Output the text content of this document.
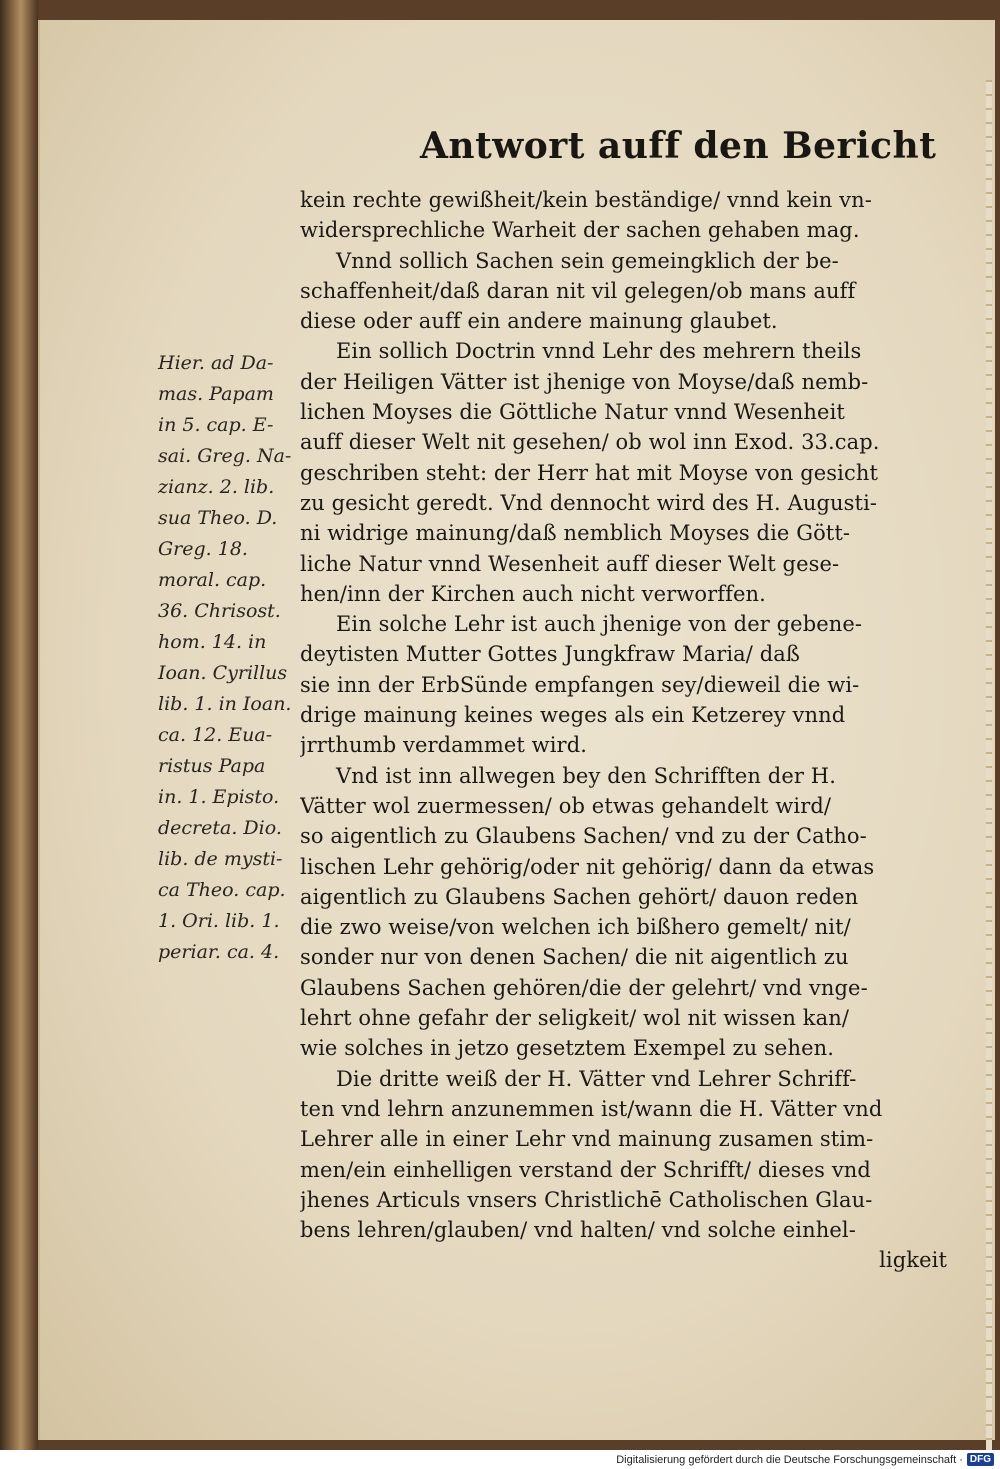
Antwort auff den Bericht
kein rechte gewißheit/kein beständige/ vnnd kein vn-
widersprechliche Warheit der sachen gehaben mag.
Vnnd sollich Sachen sein gemeingklich der be-
schaffenheit/daß daran nit vil gelegen/ob mans auff
diese oder auff ein andere mainung glaubet.
Ein sollich Doctrin vnnd Lehr des mehrern theils
der Heiligen Vätter ist jhenige von Moyse/daß nemb-
lichen Moyses die Göttliche Natur vnnd Wesenheit
auff dieser Welt nit gesehen/ ob wol inn Exod. 33.cap.
geschriben steht: der Herr hat mit Moyse von gesicht
zu gesicht geredt. Vnd dennocht wird des H. Augusti-
ni widrige mainung/daß nemblich Moyses die Gött-
liche Natur vnnd Wesenheit auff dieser Welt gese-
hen/inn der Kirchen auch nicht verworffen.
Ein solche Lehr ist auch jhenige von der gebene-
deytisten Mutter Gottes Jungkfraw Maria/ daß
sie inn der ErbSünde empfangen sey/dieweil die wi-
drige mainung keines weges als ein Ketzerey vnnd
jrrthumb verdammet wird.
Vnd ist inn allwegen bey den Schrifften der H.
Vätter wol zuermessen/ ob etwas gehandelt wird/
so aigentlich zu Glaubens Sachen/ vnd zu der Catho-
lischen Lehr gehörig/oder nit gehörig/ dann da etwas
aigentlich zu Glaubens Sachen gehört/ dauon reden
die zwo weise/von welchen ich bißhero gemelt/ nit/
sonder nur von denen Sachen/ die nit aigentlich zu
Glaubens Sachen gehören/die der gelehrt/ vnd vnge-
lehrt ohne gefahr der seligkeit/ wol nit wissen kan/
wie solches in jetzo gesetztem Exempel zu sehen.
Die dritte weiß der H. Vätter vnd Lehrer Schriff-
ten vnd lehrn anzunemmen ist/wann die H. Vätter vnd
Lehrer alle in einer Lehr vnd mainung zusamen stim-
men/ein einhelligen verstand der Schrifft/ dieses vnd
jhenes Articuls vnsers Christlichē Catholischen Glau-
bens lehren/glauben/ vnd halten/ vnd solche einhel-
ligkeit
Hier. ad Da-
mas. Papam
in 5. cap. E-
sai. Greg. Na-
zianz. 2. lib.
sua Theo. D.
Greg. 18.
moral. cap.
36. Chrisost.
hom. 14. in
Ioan. Cyrillus
lib. 1. in Ioan.
ca. 12. Eua-
ristus Papa
in. 1. Episto.
decreta. Dio.
lib. de mysti-
ca Theo. cap.
1. Ori. lib. 1.
periar. ca. 4.
Digitalisierung gefördert durch die Deutsche Forschungsgemeinschaft · DFG
